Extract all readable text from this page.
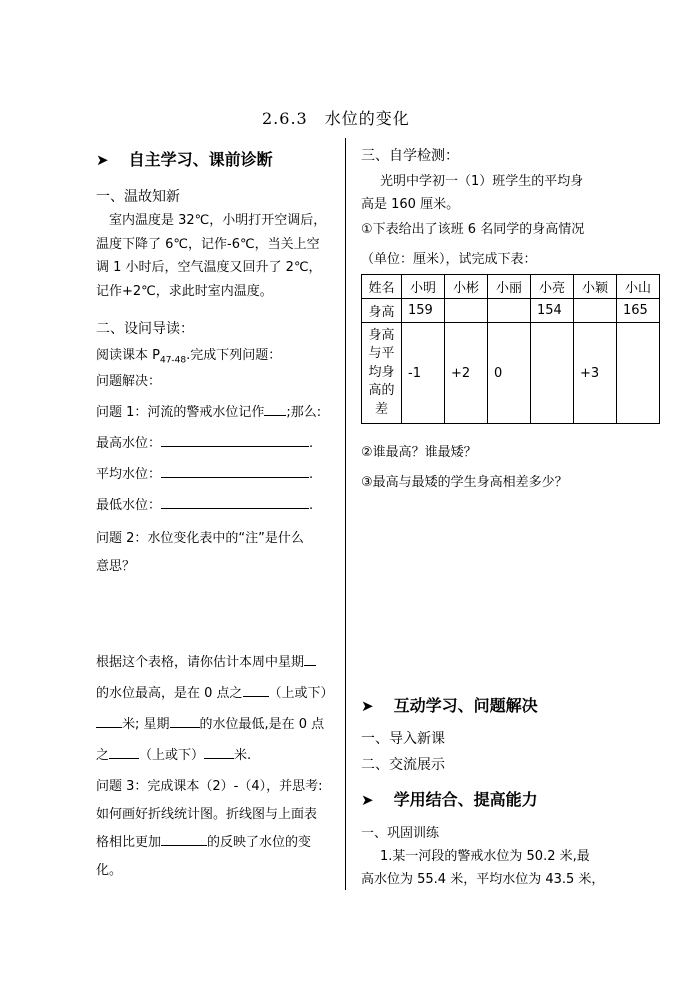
2.6.3　水位的变化
➤ 自主学习、课前诊断
一、温故知新
　室内温度是 32℃，小明打开空调后，
温度下降了 6℃，记作-6℃，当关上空
调 1 小时后，空气温度又回升了 2℃，
记作+2℃，求此时室内温度。
二、设问导读：
阅读课本 $P_{47-48}$.完成下列问题：
问题解决：
问题 1：河流的警戒水位记作 ;那么:
最高水位：	.
平均水位：	.
最低水位：	.
问题 2：水位变化表中的“注”是什么
意思？
根据这个表格，请你估计本周中星期
的水位最高，是在 0 点之 （上或下）
米; 星期 的水位最低,是在 0 点
之 （上或下） 米.
问题 3：完成课本（2）-（4），并思考:
如何画好折线统计图。折线图与上面表
格相比更加	的反映了水位的变
化。
三、自学检测：
光明中学初一（1）班学生的平均身
高是 160 厘米。
①下表给出了该班 6 名同学的身高情况
（单位：厘米），试完成下表：
姓名	小明	小彬	小丽	小亮	小颖	小山
身高	159			154		165

身高
与平
均身
高的
差	-1	+2	0		+3	
②谁最高？谁最矮？
③最高与最矮的学生身高相差多少？
➤ 互动学习、问题解决
一、导入新课
二、交流展示
➤ 学用结合、提高能力
一、巩固训练
1.某一河段的警戒水位为 50.2 米,最
高水位为 55.4 米，平均水位为 43.5 米，
